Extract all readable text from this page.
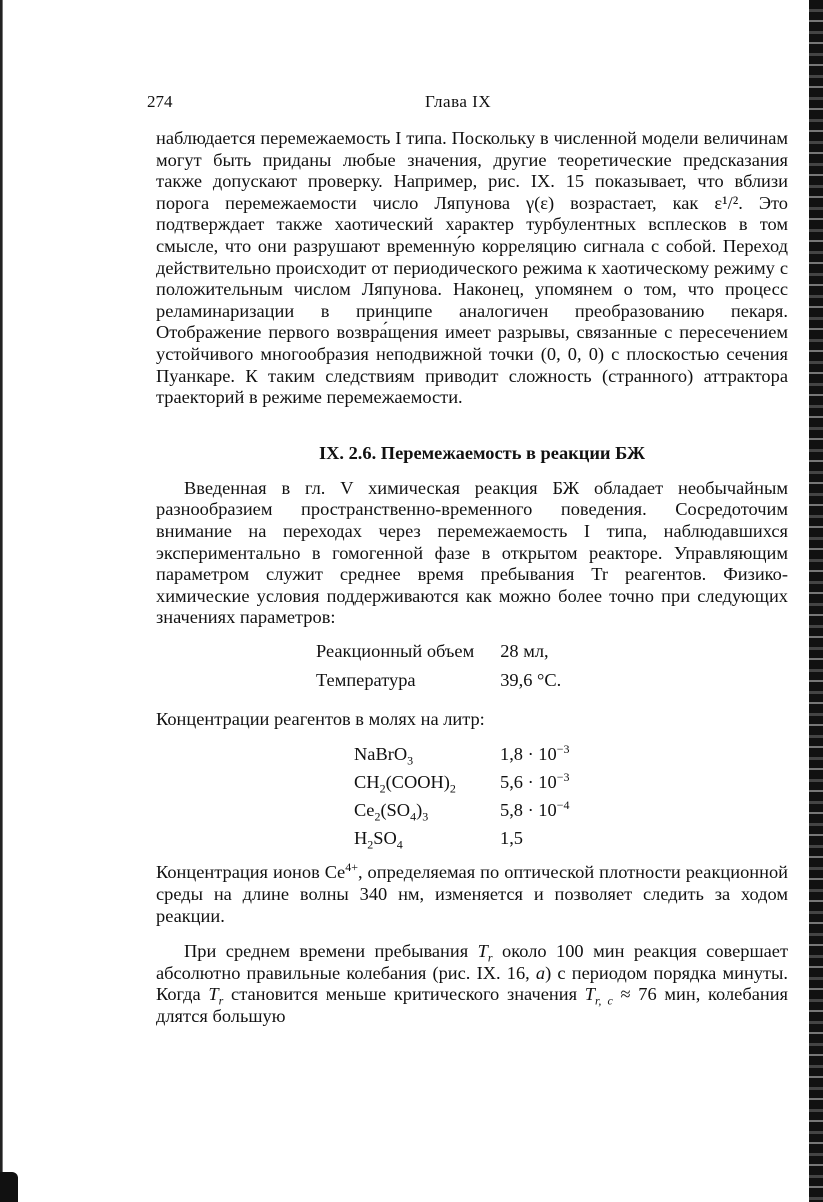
274	Глава IX

наблюдается перемежаемость I типа. Поскольку в численной модели величинам могут быть приданы любые значения, другие теоретические предсказания также допускают проверку. Например, рис. IX. 15 показывает, что вблизи порога перемежаемости число Ляпунова γ(ε) возрастает, как ε¹/². Это подтверждает также хаотический характер турбулентных всплесков в том смысле, что они разрушают временну́ю корреляцию сигнала с собой. Переход действительно происходит от периодического режима к хаотическому режиму с положительным числом Ляпунова. Наконец, упомянем о том, что процесс реламинаризации в принципе аналогичен преобразованию пекаря. Отображение первого возвра́щения имеет разрывы, связанные с пересечением устойчивого многообразия неподвижной точки (0, 0, 0) с плоскостью сечения Пуанкаре. К таким следствиям приводит сложность (странного) аттрактора траекторий в режиме перемежаемости.

IX. 2.6. Перемежаемость в реакции БЖ

Введенная в гл. V химическая реакция БЖ обладает необычайным разнообразием пространственно-временного поведения. Сосредоточим внимание на переходах через перемежаемость I типа, наблюдавшихся экспериментально в гомогенной фазе в открытом реакторе. Управляющим параметром служит среднее время пребывания Tr реагентов. Физико-химические условия поддерживаются как можно более точно при следующих значениях параметров:

Реакционный объем	28 мл,
Температура	39,6 °C.

Концентрации реагентов в молях на литр:

NaBrO$_3$	$1,8 \cdot 10^{-3}$
$CH_2(COOH)_2$	$5,6 \cdot 10^{-3}$
$Ce_2(SO_4)_3$	$5,8 \cdot 10^{-4}$
$H_2SO_4$	1,5

Концентрация ионов $Ce^{4+}$, определяемая по оптической плотности реакционной среды на длине волны 340 нм, изменяется и позволяет следить за ходом реакции.

При среднем времени пребывания $T_r$ около 100 мин реакция совершает абсолютно правильные колебания (рис. IX. 16, a) с периодом порядка минуты. Когда $T_r$ становится меньше критического значения $T_{r, c} \approx 76$ мин, колебания длятся большую
